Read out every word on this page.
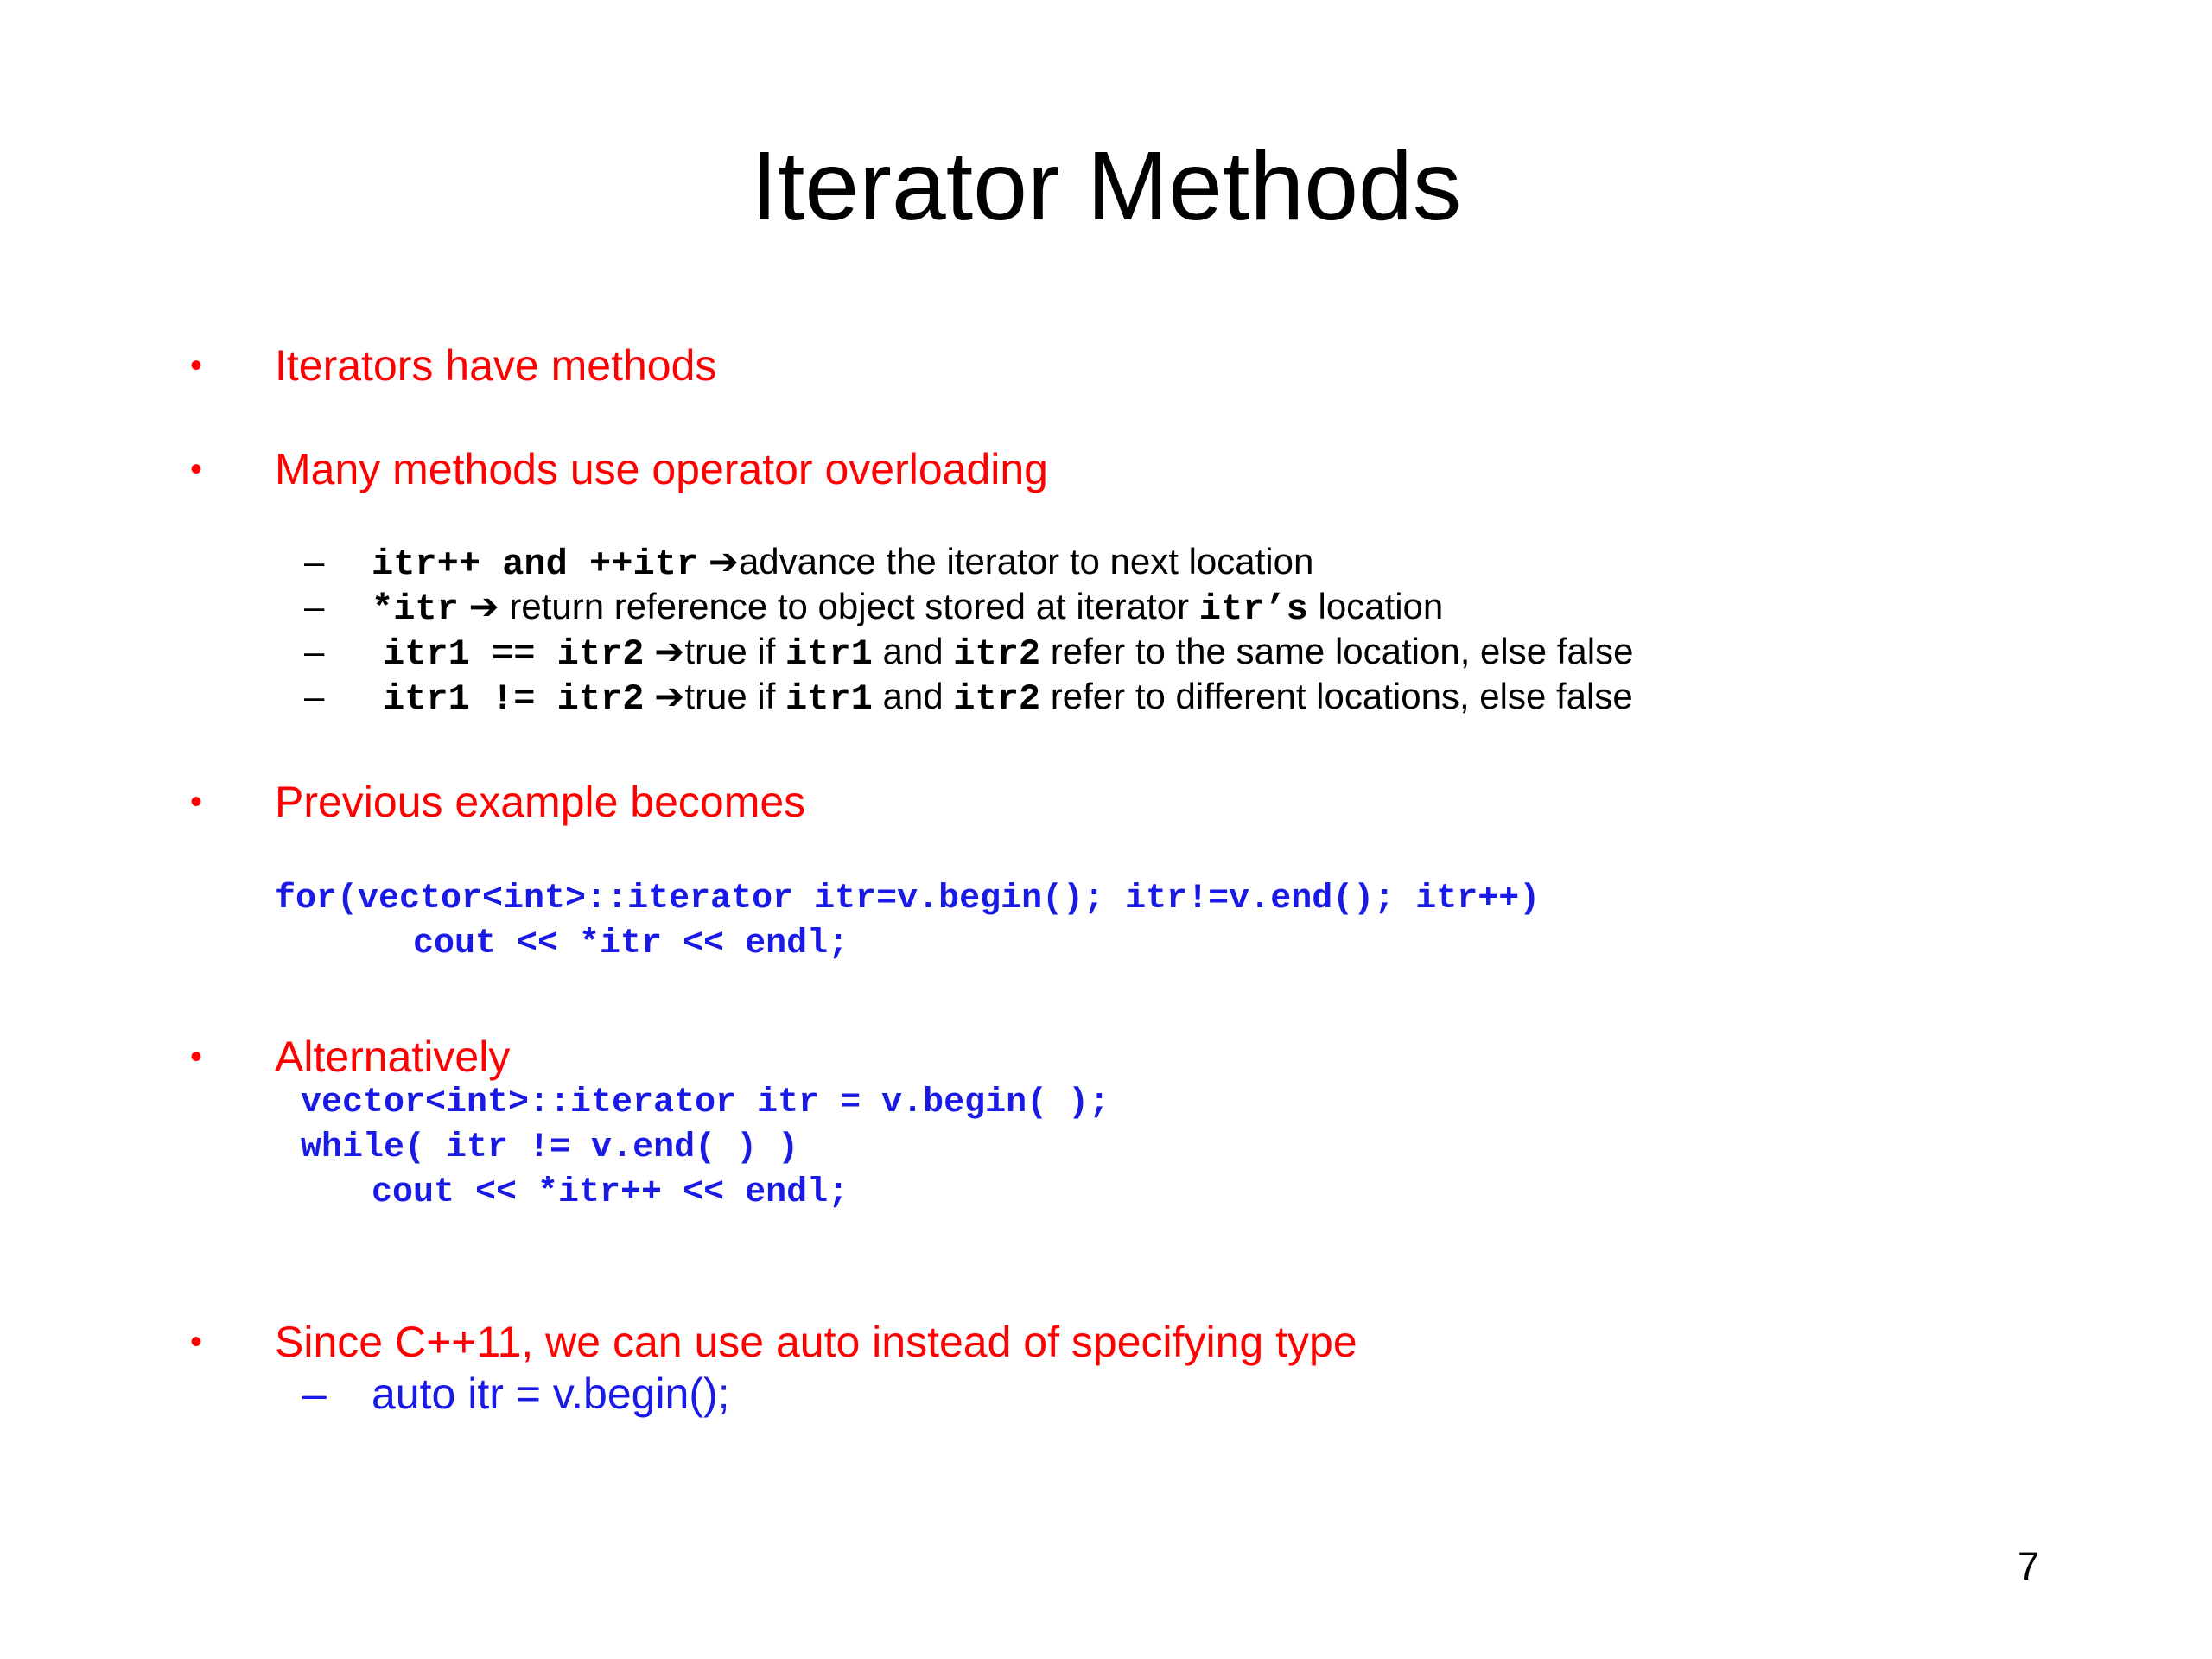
Iterator Methods
• Iterators have methods
• Many methods use operator overloading
– itr++ and ++itr ➔advance the iterator to next location
– *itr ➔ return reference to object stored at iterator itr’s location
– itr1 == itr2 ➔true if itr1 and itr2 refer to the same location, else false
– itr1 != itr2 ➔true if itr1 and itr2 refer to different locations, else false
• Previous example becomes
for(vector<int>::iterator itr=v.begin(); itr!=v.end(); itr++)
cout << *itr << endl;
• Alternatively
vector<int>::iterator itr = v.begin( );
while( itr != v.end( ) )
cout << *itr++ << endl;
• Since C++11, we can use auto instead of specifying type
– auto itr = v.begin();
7
